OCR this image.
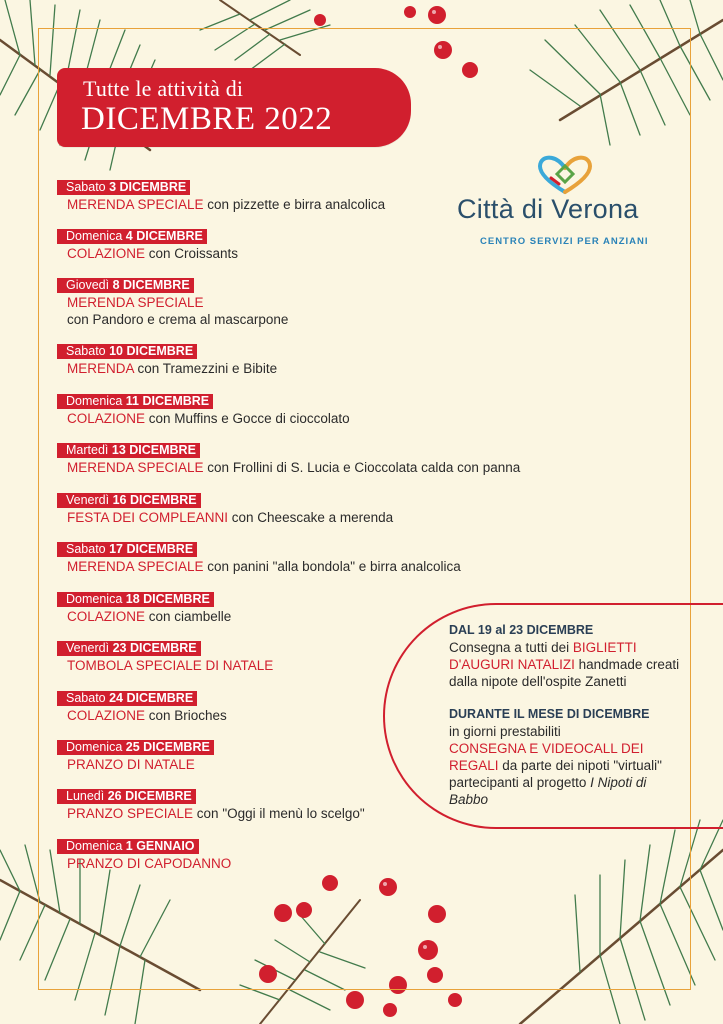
Tutte le attività di
DICEMBRE 2022
Città di Verona
CENTRO SERVIZI PER ANZIANI
Sabato 3 DICEMBRE
MERENDA SPECIALE con pizzette e birra analcolica
Domenica 4 DICEMBRE
COLAZIONE con Croissants
Giovedì 8 DICEMBRE
MERENDA SPECIALE
con Pandoro e crema al mascarpone
Sabato 10 DICEMBRE
MERENDA con Tramezzini e Bibite
Domenica 11 DICEMBRE
COLAZIONE con Muffins e Gocce di cioccolato
Martedì 13 DICEMBRE
MERENDA SPECIALE con Frollini di S. Lucia e Cioccolata calda con panna
Venerdì 16 DICEMBRE
FESTA DEI COMPLEANNI con Cheescake a merenda
Sabato 17 DICEMBRE
MERENDA SPECIALE con panini "alla bondola" e birra analcolica
Domenica 18 DICEMBRE
COLAZIONE con ciambelle
Venerdì 23 DICEMBRE
TOMBOLA SPECIALE DI NATALE
Sabato 24 DICEMBRE
COLAZIONE con Brioches
Domenica 25 DICEMBRE
PRANZO DI NATALE
Lunedì 26 DICEMBRE
PRANZO SPECIALE con "Oggi il menù lo scelgo"
Domenica 1 GENNAIO
PRANZO DI CAPODANNO
DAL 19 al 23 DICEMBRE
Consegna a tutti dei BIGLIETTI D'AUGURI NATALIZI handmade creati dalla nipote dell'ospite Zanetti
DURANTE IL MESE DI DICEMBRE
in giorni prestabiliti
CONSEGNA E VIDEOCALL DEI REGALI da parte dei nipoti "virtuali" partecipanti al progetto I Nipoti di Babbo
